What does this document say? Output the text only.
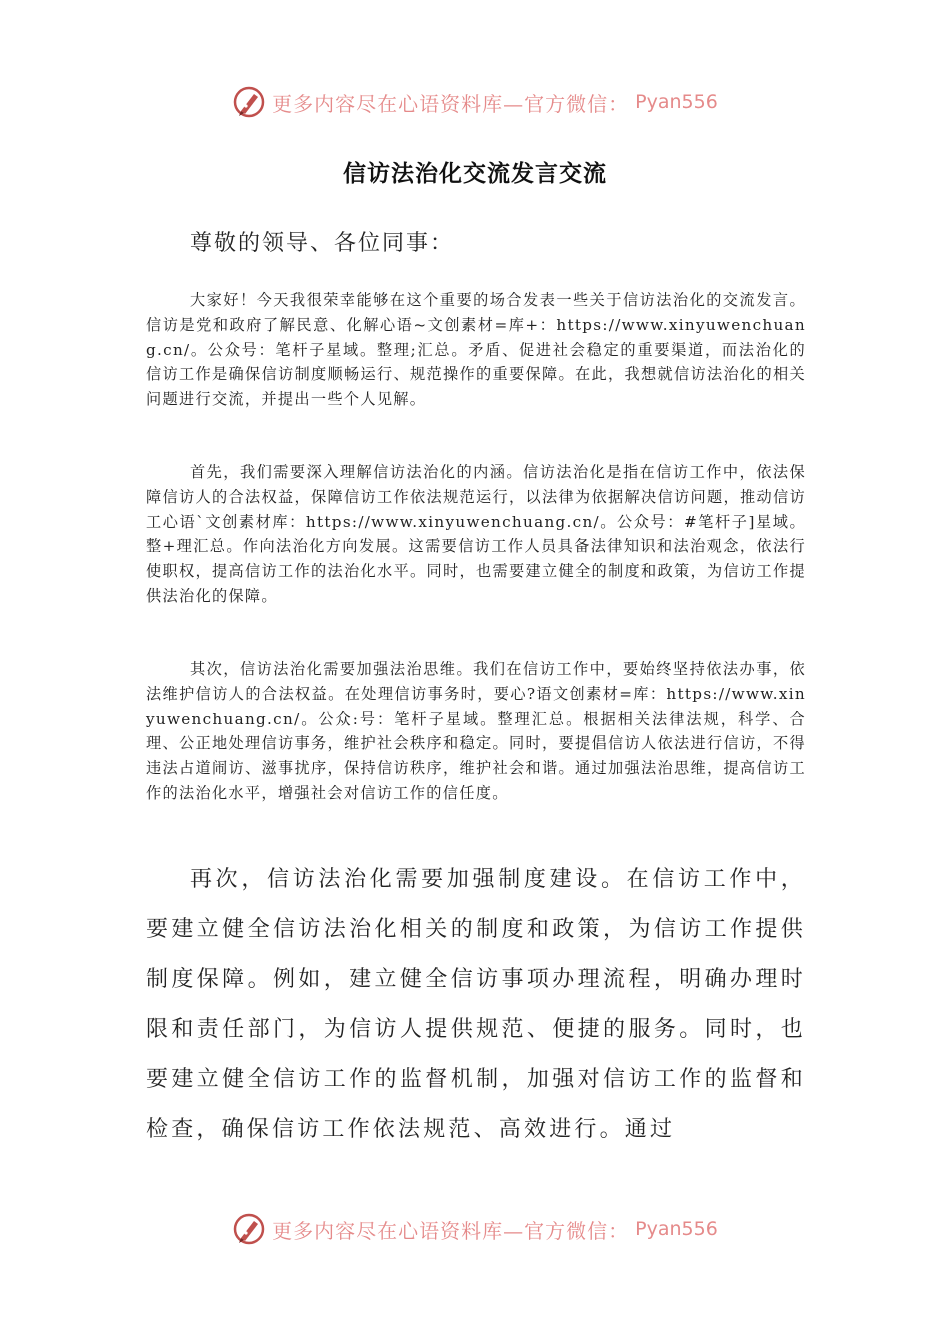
更多内容尽在心语资料库—官方微信： Pyan556
信访法治化交流发言交流
尊敬的领导、各位同事：

大家好！今天我很荣幸能够在这个重要的场合发表一些关于信访法治化的交流发言。信访是党和政府了解民意、化解心语~文创素材=库+：https://www.xinyuwenchuang.cn/。公众号：笔杆子星域。整理;汇总。矛盾、促进社会稳定的重要渠道，而法治化的信访工作是确保信访制度顺畅运行、规范操作的重要保障。在此，我想就信访法治化的相关问题进行交流，并提出一些个人见解。

首先，我们需要深入理解信访法治化的内涵。信访法治化是指在信访工作中，依法保障信访人的合法权益，保障信访工作依法规范运行，以法律为依据解决信访问题，推动信访工心语`文创素材库：https://www.xinyuwenchuang.cn/。公众号：#笔杆子]星域。整+理汇总。作向法治化方向发展。这需要信访工作人员具备法律知识和法治观念，依法行使职权，提高信访工作的法治化水平。同时，也需要建立健全的制度和政策，为信访工作提供法治化的保障。

其次，信访法治化需要加强法治思维。我们在信访工作中，要始终坚持依法办事，依法维护信访人的合法权益。在处理信访事务时，要心?语文创素材=库：https://www.xinyuwenchuang.cn/。公众:号：笔杆子星域。整理汇总。根据相关法律法规，科学、合理、公正地处理信访事务，维护社会秩序和稳定。同时，要提倡信访人依法进行信访，不得违法占道闹访、滋事扰序，保持信访秩序，维护社会和谐。通过加强法治思维，提高信访工作的法治化水平，增强社会对信访工作的信任度。

再次，信访法治化需要加强制度建设。在信访工作中，要建立健全信访法治化相关的制度和政策，为信访工作提供制度保障。例如，建立健全信访事项办理流程，明确办理时限和责任部门，为信访人提供规范、便捷的服务。同时，也要建立健全信访工作的监督机制，加强对信访工作的监督和检查，确保信访工作依法规范、高效进行。通过

更多内容尽在心语资料库—官方微信： Pyan556
